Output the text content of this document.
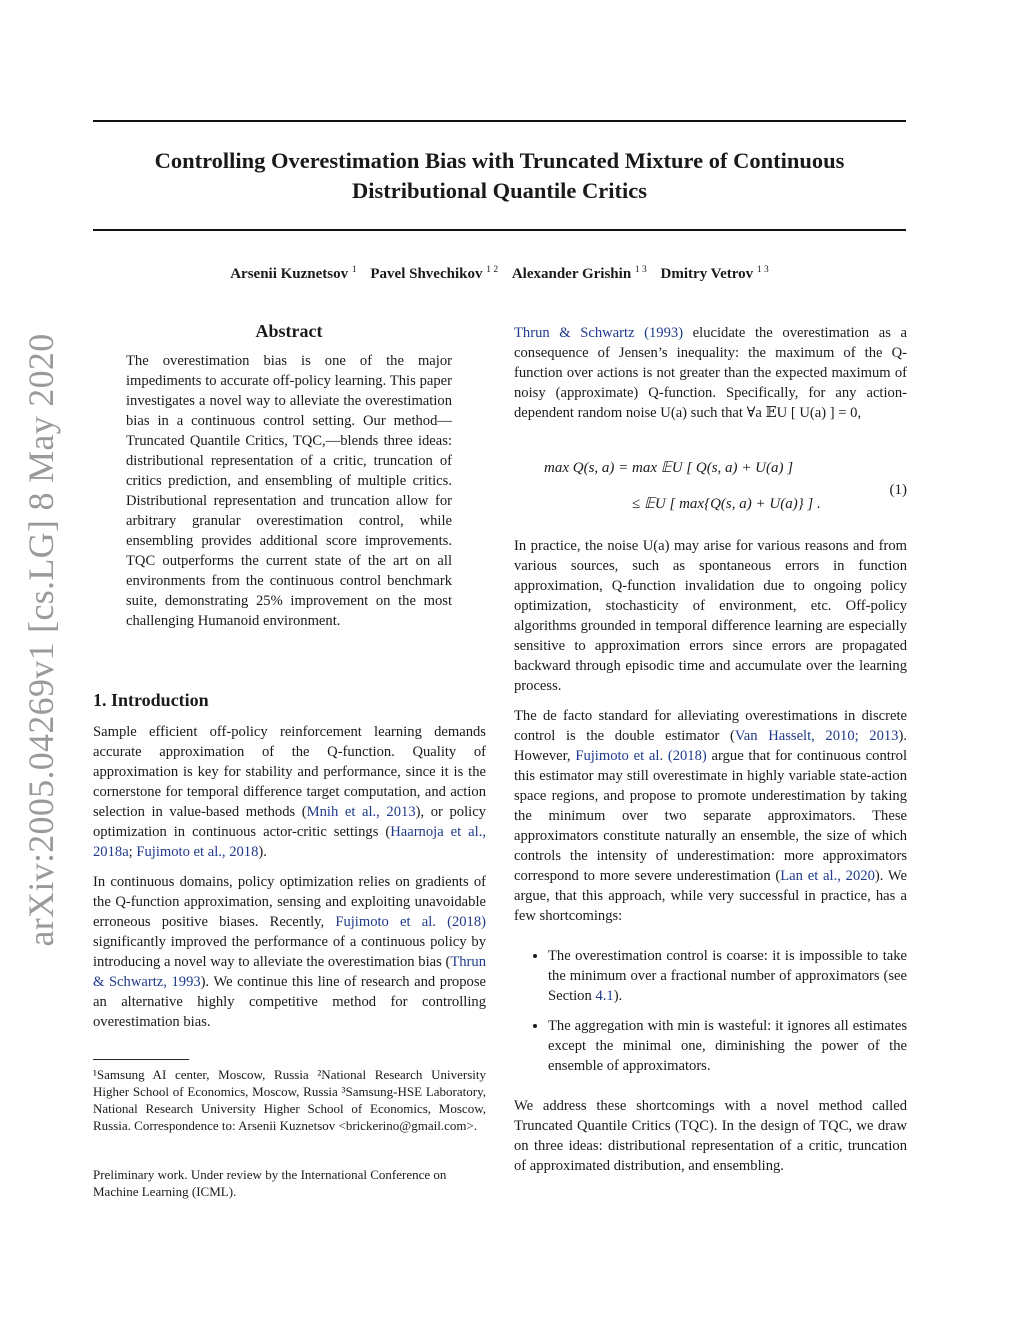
Controlling Overestimation Bias with Truncated Mixture of Continuous
Distributional Quantile Critics
Arsenii Kuznetsov $^1$ Pavel Shvechikov $^{1 2}$ Alexander Grishin $^{1 3}$ Dmitry Vetrov $^{1 3}$
arXiv:2005.04269v1 [cs.LG] 8 May 2020
Abstract
The overestimation bias is one of the major impediments to accurate off-policy learning. This paper investigates a novel way to alleviate the overestimation bias in a continuous control setting. Our method—Truncated Quantile Critics, TQC,—blends three ideas: distributional representation of a critic, truncation of critics prediction, and ensembling of multiple critics. Distributional representation and truncation allow for arbitrary granular overestimation control, while ensembling provides additional score improvements. TQC outperforms the current state of the art on all environments from the continuous control benchmark suite, demonstrating 25% improvement on the most challenging Humanoid environment.
1. Introduction

Sample efficient off-policy reinforcement learning demands accurate approximation of the Q-function. Quality of approximation is key for stability and performance, since it is the cornerstone for temporal difference target computation, and action selection in value-based methods (Mnih et al., 2013), or policy optimization in continuous actor-critic settings (Haarnoja et al., 2018a; Fujimoto et al., 2018).

In continuous domains, policy optimization relies on gradients of the Q-function approximation, sensing and exploiting unavoidable erroneous positive biases. Recently, Fujimoto et al. (2018) significantly improved the performance of a continuous policy by introducing a novel way to alleviate the overestimation bias (Thrun & Schwartz, 1993). We continue this line of research and propose an alternative highly competitive method for controlling overestimation bias.

¹Samsung AI center, Moscow, Russia ²National Research University Higher School of Economics, Moscow, Russia ³Samsung-HSE Laboratory, National Research University Higher School of Economics, Moscow, Russia. Correspondence to: Arsenii Kuznetsov <brickerino@gmail.com>.
Preliminary work. Under review by the International Conference on Machine Learning (ICML).

Thrun & Schwartz (1993) elucidate the overestimation as a consequence of Jensen’s inequality: the maximum of the Q-function over actions is not greater than the expected maximum of noisy (approximate) Q-function. Specifically, for any action-dependent random noise U(a) such that ∀a 𝔼U [ U(a) ] = 0,

max Q(s, a) = max 𝔼U [ Q(s, a) + U(a) ]
≤ 𝔼U [ max{Q(s, a) + U(a)} ] .
(1)

In practice, the noise U(a) may arise for various reasons and from various sources, such as spontaneous errors in function approximation, Q-function invalidation due to ongoing policy optimization, stochasticity of environment, etc. Off-policy algorithms grounded in temporal difference learning are especially sensitive to approximation errors since errors are propagated backward through episodic time and accumulate over the learning process.

The de facto standard for alleviating overestimations in discrete control is the double estimator (Van Hasselt, 2010; 2013). However, Fujimoto et al. (2018) argue that for continuous control this estimator may still overestimate in highly variable state-action space regions, and propose to promote underestimation by taking the minimum over two separate approximators. These approximators constitute naturally an ensemble, the size of which controls the intensity of underestimation: more approximators correspond to more severe underestimation (Lan et al., 2020). We argue, that this approach, while very successful in practice, has a few shortcomings:

• The overestimation control is coarse: it is impossible to take the minimum over a fractional number of approximators (see Section 4.1).
• The aggregation with min is wasteful: it ignores all estimates except the minimal one, diminishing the power of the ensemble of approximators.

We address these shortcomings with a novel method called Truncated Quantile Critics (TQC). In the design of TQC, we draw on three ideas: distributional representation of a critic, truncation of approximated distribution, and ensembling.
